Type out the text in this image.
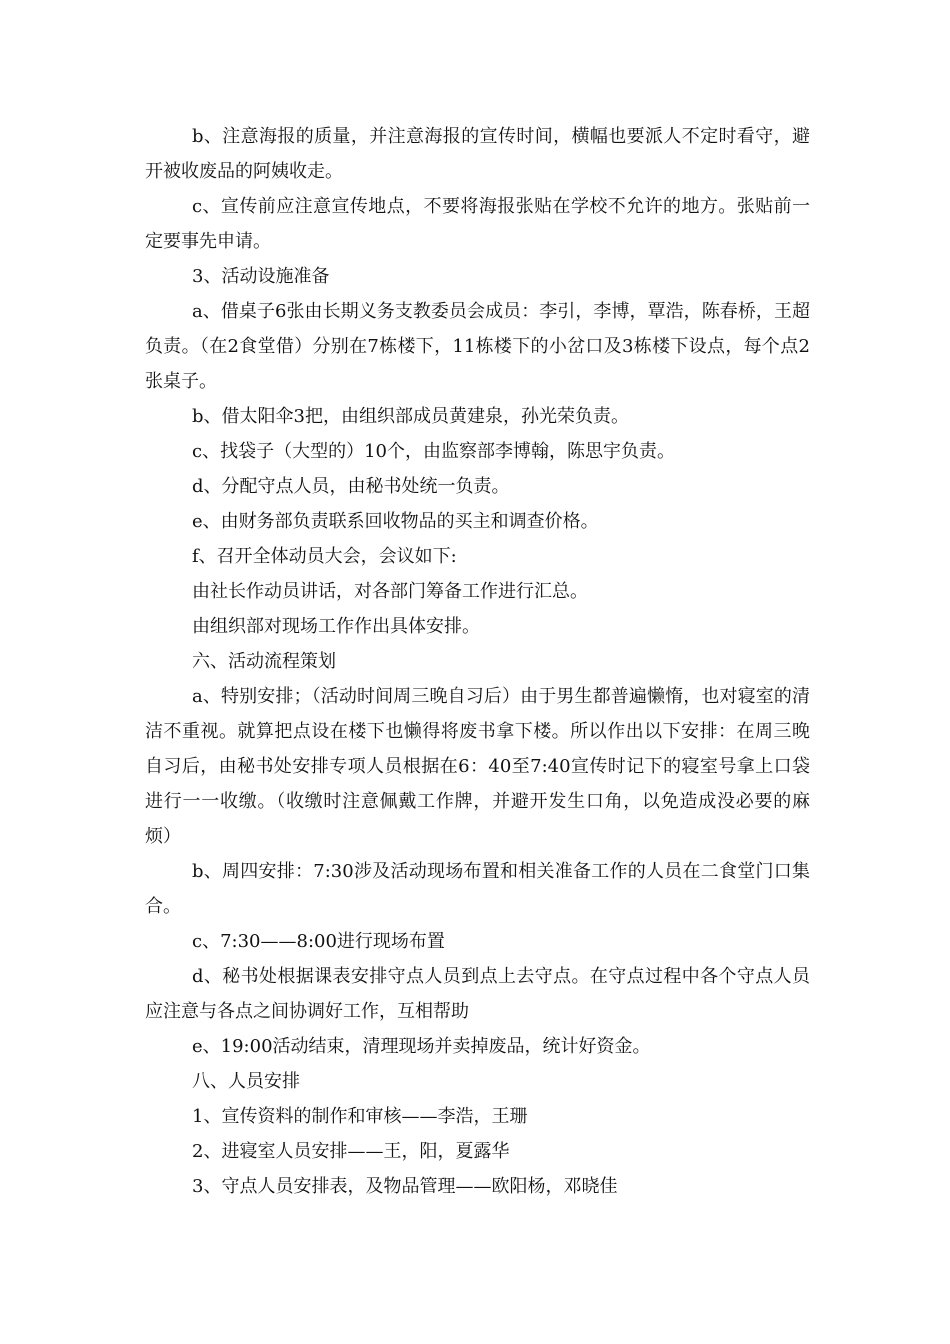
b、注意海报的质量，并注意海报的宣传时间，横幅也要派人不定时看守，避开被收废品的阿姨收走。

c、宣传前应注意宣传地点，不要将海报张贴在学校不允许的地方。张贴前一定要事先申请。

3、活动设施准备

a、借桌子6张由长期义务支教委员会成员：李引，李博，覃浩，陈春桥，王超负责。（在2食堂借）分别在7栋楼下，11栋楼下的小岔口及3栋楼下设点，每个点2张桌子。

b、借太阳伞3把，由组织部成员黄建泉，孙光荣负责。

c、找袋子（大型的）10个，由监察部李博翰，陈思宇负责。

d、分配守点人员，由秘书处统一负责。

e、由财务部负责联系回收物品的买主和调查价格。

f、召开全体动员大会，会议如下:

由社长作动员讲话，对各部门筹备工作进行汇总。

由组织部对现场工作作出具体安排。

六、活动流程策划

a、特别安排；（活动时间周三晚自习后）由于男生都普遍懒惰，也对寝室的清洁不重视。就算把点设在楼下也懒得将废书拿下楼。所以作出以下安排：在周三晚自习后，由秘书处安排专项人员根据在6：40至7:40宣传时记下的寝室号拿上口袋进行一一收缴。（收缴时注意佩戴工作牌，并避开发生口角，以免造成没必要的麻烦）

b、周四安排：7:30涉及活动现场布置和相关准备工作的人员在二食堂门口集合。

c、7:30——8:00进行现场布置

d、秘书处根据课表安排守点人员到点上去守点。在守点过程中各个守点人员应注意与各点之间协调好工作，互相帮助

e、19:00活动结束，清理现场并卖掉废品，统计好资金。

八、人员安排

1、宣传资料的制作和审核——李浩，王珊

2、进寝室人员安排——王，阳，夏露华

3、守点人员安排表，及物品管理——欧阳杨，邓晓佳
